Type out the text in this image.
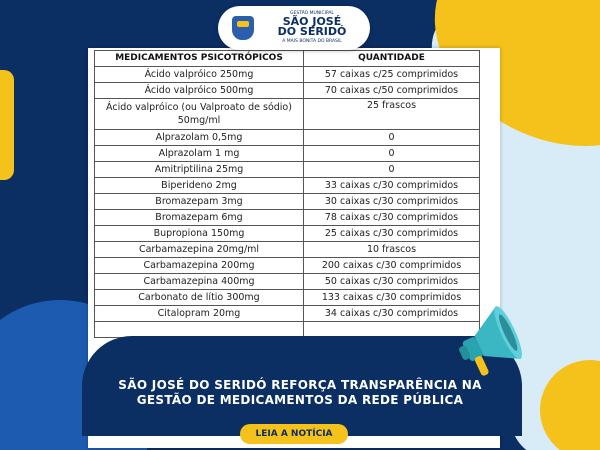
MEDICAMENTOS PSICOTRÓPICOS	QUANTIDADE
Ácido valpróico 250mg	57 caixas c/25 comprimidos
Ácido valpróico 500mg	70 caixas c/50 comprimidos
Ácido valpróico (ou Valproato de sódio) 50mg/ml	25 frascos
Alprazolam 0,5mg	0
Alprazolam 1 mg	0
Amitriptilina 25mg	0
Biperideno 2mg	33 caixas c/30 comprimidos
Bromazepam 3mg	30 caixas c/30 comprimidos
Bromazepam 6mg	78 caixas c/30 comprimidos
Bupropiona 150mg	25 caixas c/30 comprimidos
Carbamazepina 20mg/ml	10 frascos
Carbamazepina 200mg	200 caixas c/30 comprimidos
Carbamazepina 400mg	50 caixas c/30 comprimidos
Carbonato de lítio 300mg	133 caixas c/30 comprimidos
Citalopram 20mg	34 caixas c/30 comprimidos

GESTÃO MUNICIPAL
SÃO JOSÉ
DO SERIDÓ
A MAIS BONITA DO BRASIL
SÃO JOSÉ DO SERIDÓ REFORÇA TRANSPARÊNCIA NA
GESTÃO DE MEDICAMENTOS DA REDE PÚBLICA
LEIA A NOTÍCIA
